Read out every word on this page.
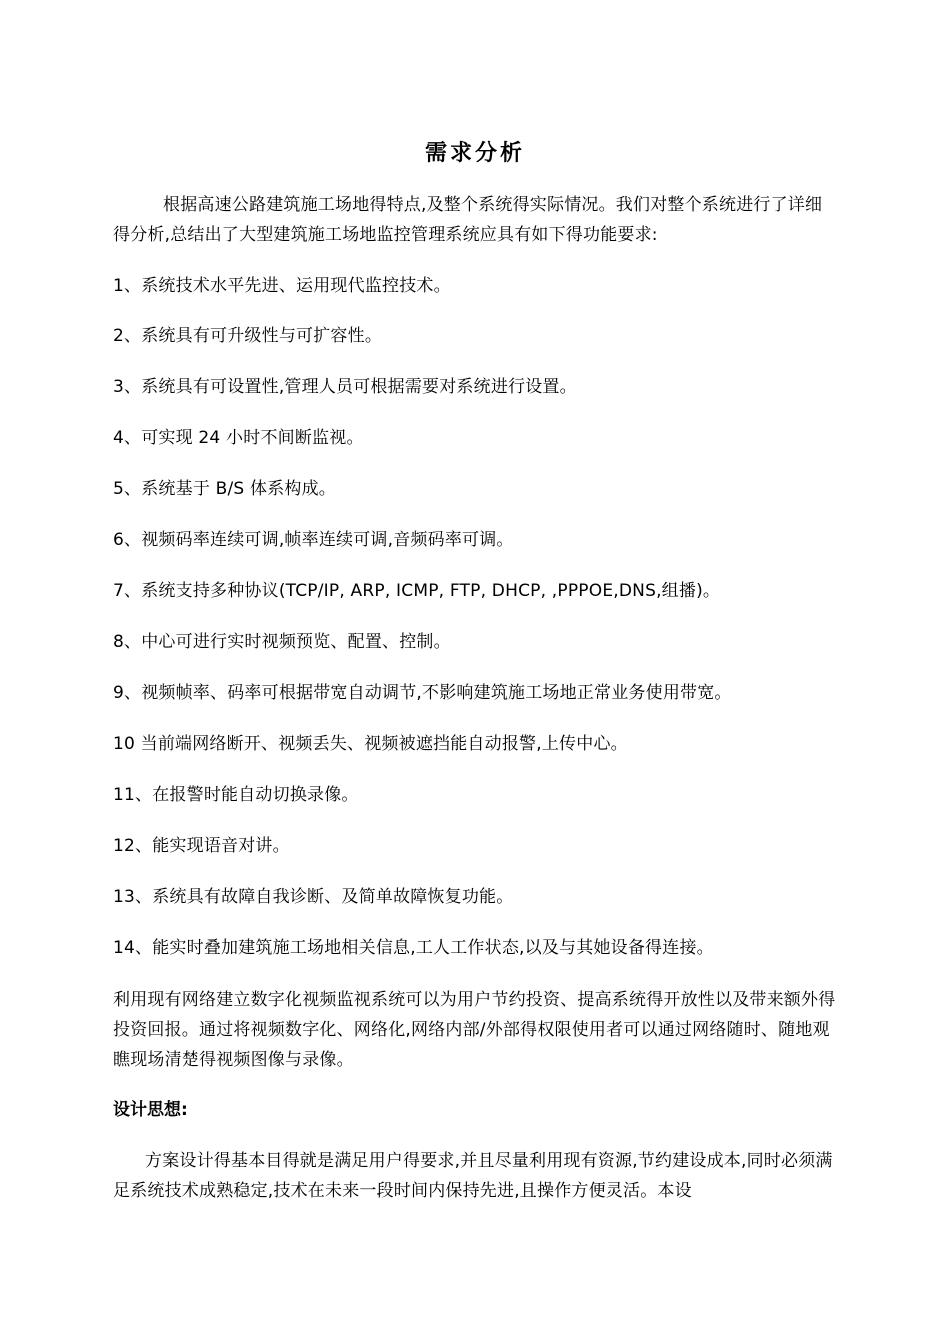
需求分析
根据高速公路建筑施工场地得特点,及整个系统得实际情况。我们对整个系统进行了详细得分析,总结出了大型建筑施工场地监控管理系统应具有如下得功能要求:
1、系统技术水平先进、运用现代监控技术。
2、系统具有可升级性与可扩容性。
3、系统具有可设置性,管理人员可根据需要对系统进行设置。
4、可实现 24 小时不间断监视。
5、系统基于 B/S 体系构成。
6、视频码率连续可调,帧率连续可调,音频码率可调。
7、系统支持多种协议(TCP/IP, ARP, ICMP, FTP, DHCP, ,PPPOE,DNS,组播)。
8、中心可进行实时视频预览、配置、控制。
9、视频帧率、码率可根据带宽自动调节,不影响建筑施工场地正常业务使用带宽。
10 当前端网络断开、视频丢失、视频被遮挡能自动报警,上传中心。
11、在报警时能自动切换录像。
12、能实现语音对讲。
13、系统具有故障自我诊断、及简单故障恢复功能。
14、能实时叠加建筑施工场地相关信息,工人工作状态,以及与其她设备得连接。
利用现有网络建立数字化视频监视系统可以为用户节约投资、提高系统得开放性以及带来额外得投资回报。通过将视频数字化、网络化,网络内部/外部得权限使用者可以通过网络随时、随地观瞧现场清楚得视频图像与录像。
设计思想:
方案设计得基本目得就是满足用户得要求,并且尽量利用现有资源,节约建设成本,同时必须满足系统技术成熟稳定,技术在未来一段时间内保持先进,且操作方便灵活。本设
